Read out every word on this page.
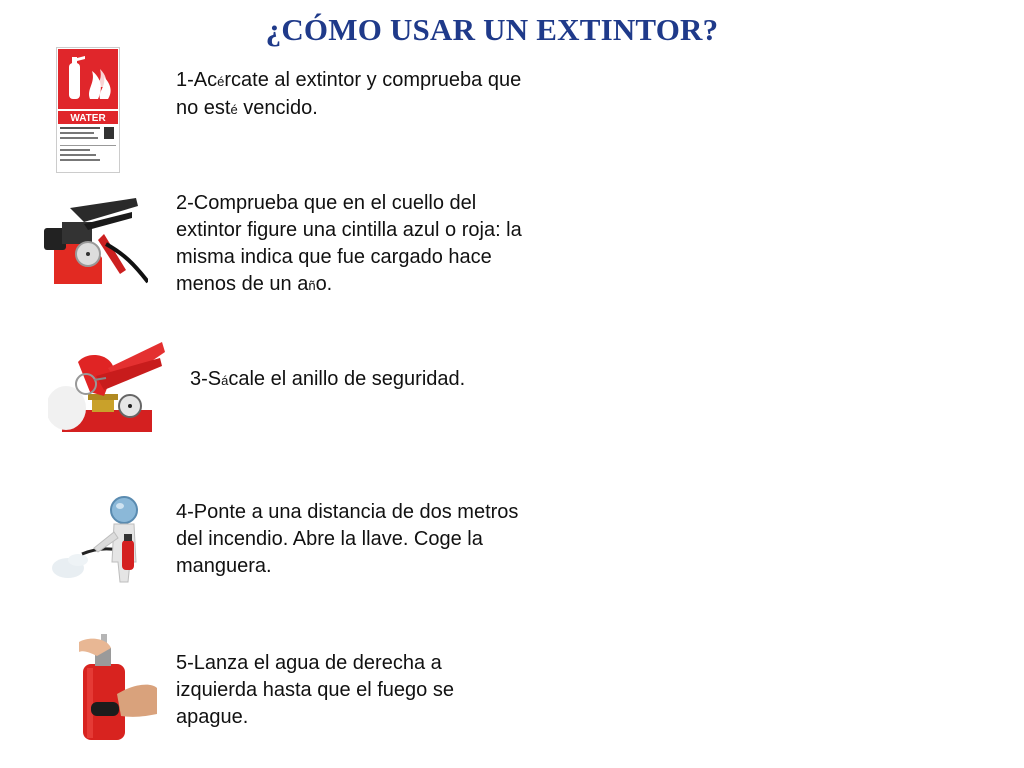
¿CÓMO USAR UN EXTINTOR?
WATER
1-Acércate al extintor y comprueba que no esté vencido.
2-Comprueba que en el cuello del extintor figure una cintilla azul o roja: la misma indica que fue cargado hace menos de un año.
3-Sácale el anillo de seguridad.
4-Ponte a una distancia de dos metros del incendio. Abre la llave. Coge la manguera.
5-Lanza el agua de derecha a izquierda hasta que el fuego se apague.
